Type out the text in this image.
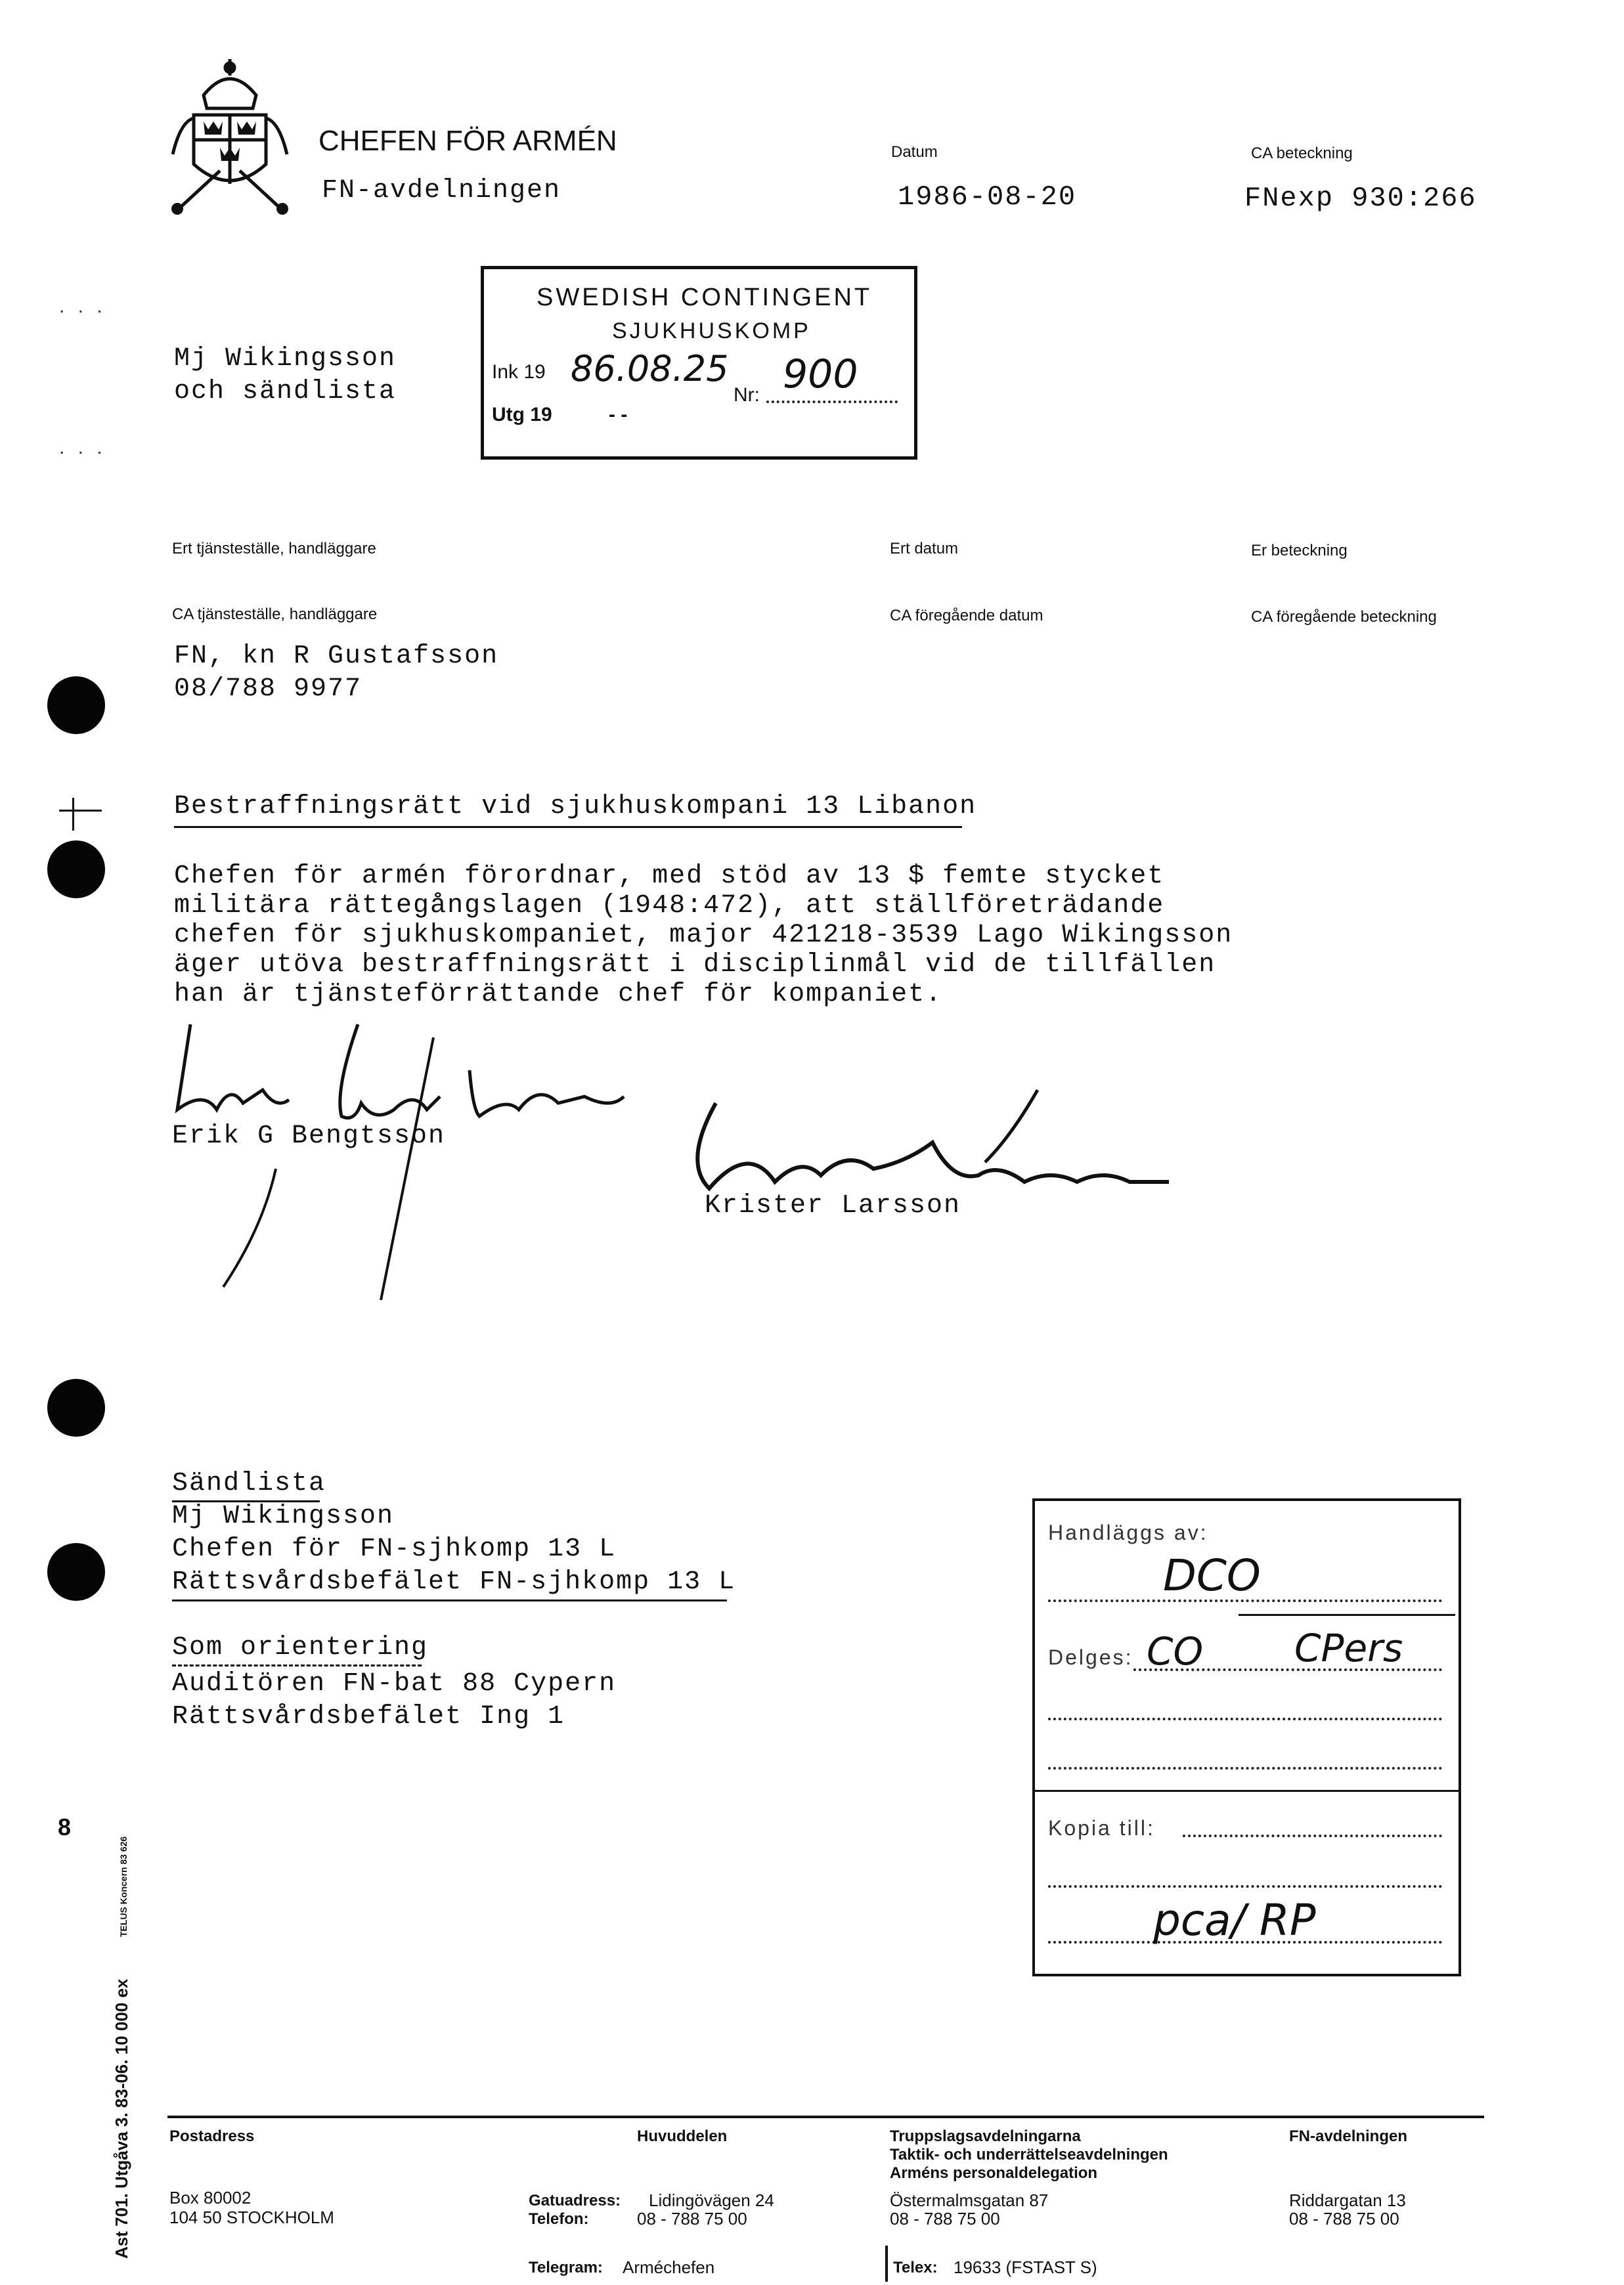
CHEFEN FÖR ARMÉN
FN-avdelningen
Datum
1986-08-20
CA beteckning
FNexp 930:266
. . .
. . .
Mj Wikingsson
och sändlista
SWEDISH CONTINGENT
SJUKHUSKOMP
Ink 19 86.08.25
Nr: 900
Utg 19	- -
Ert tjänsteställe, handläggare	Ert datum	Er beteckning
CA tjänsteställe, handläggare	CA föregående datum	CA föregående beteckning
FN, kn R Gustafsson
08/788 9977
Bestraffningsrätt vid sjukhuskompani 13 Libanon
Chefen för armén förordnar, med stöd av 13 $ femte stycket
militära rättegångslagen (1948:472), att ställföreträdande
chefen för sjukhuskompaniet, major 421218-3539 Lago Wikingsson
äger utöva bestraffningsrätt i disciplinmål vid de tillfällen
han är tjänsteförrättande chef för kompaniet.
Erik G Bengtsson
Krister Larsson
Sändlista
Mj Wikingsson
Chefen för FN-sjhkomp 13 L
Rättsvårdsbefälet FN-sjhkomp 13 L
Som orientering
Auditören FN-bat 88 Cypern
Rättsvårdsbefälet Ing 1
Handläggs av:
DCO
Delges: CO CPers
Kopia till:
pca/ RP
8
Ast 701. Utgåva 3. 83-06. 10 000 ex
TELUS Koncern 83 626
Postadress
Box 80002
104 50 STOCKHOLM
Huvuddelen
Gatuadress: Lidingövägen 24
Telefon:	08 - 788 75 00
Telegram: Arméchefen
Truppslagsavdelningarna
Taktik- och underrättelseavdelningen
Arméns personaldelegation
Östermalmsgatan 87
08 - 788 75 00
Telex: 19633 (FSTAST S)
FN-avdelningen
Riddargatan 13
08 - 788 75 00
